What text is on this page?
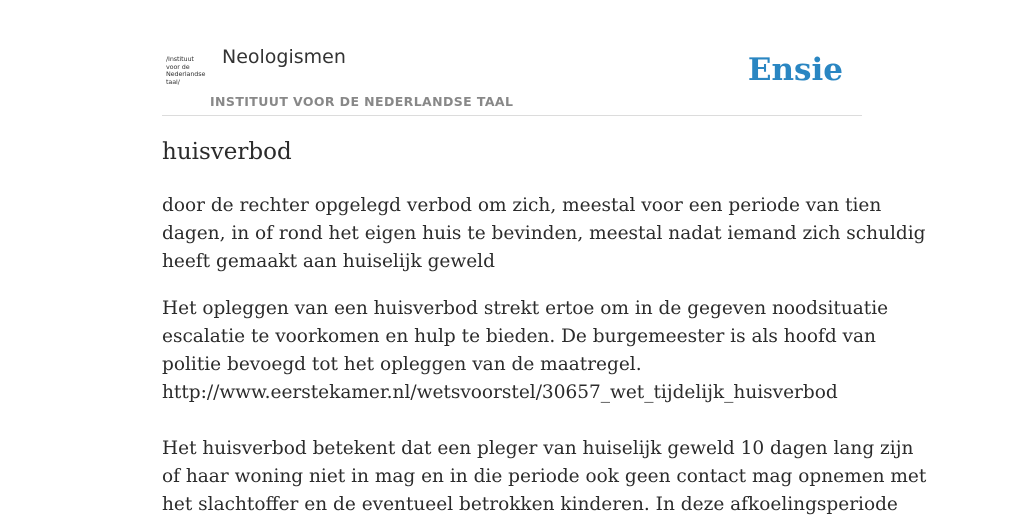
/Instituut
voor de
Nederlandse
taal/
Neologismen
INSTITUUT VOOR DE NEDERLANDSE TAAL
Ensie
huisverbod

door de rechter opgelegd verbod om zich, meestal voor een periode van tien
dagen, in of rond het eigen huis te bevinden, meestal nadat iemand zich schuldig
heeft gemaakt aan huiselijk geweld

Het opleggen van een huisverbod strekt ertoe om in de gegeven noodsituatie
escalatie te voorkomen en hulp te bieden. De burgemeester is als hoofd van
politie bevoegd tot het opleggen van de maatregel.
http://www.eerstekamer.nl/wetsvoorstel/30657_wet_tijdelijk_huisverbod

Het huisverbod betekent dat een pleger van huiselijk geweld 10 dagen lang zijn
of haar woning niet in mag en in die periode ook geen contact mag opnemen met
het slachtoffer en de eventueel betrokken kinderen. In deze afkoelingsperiode
